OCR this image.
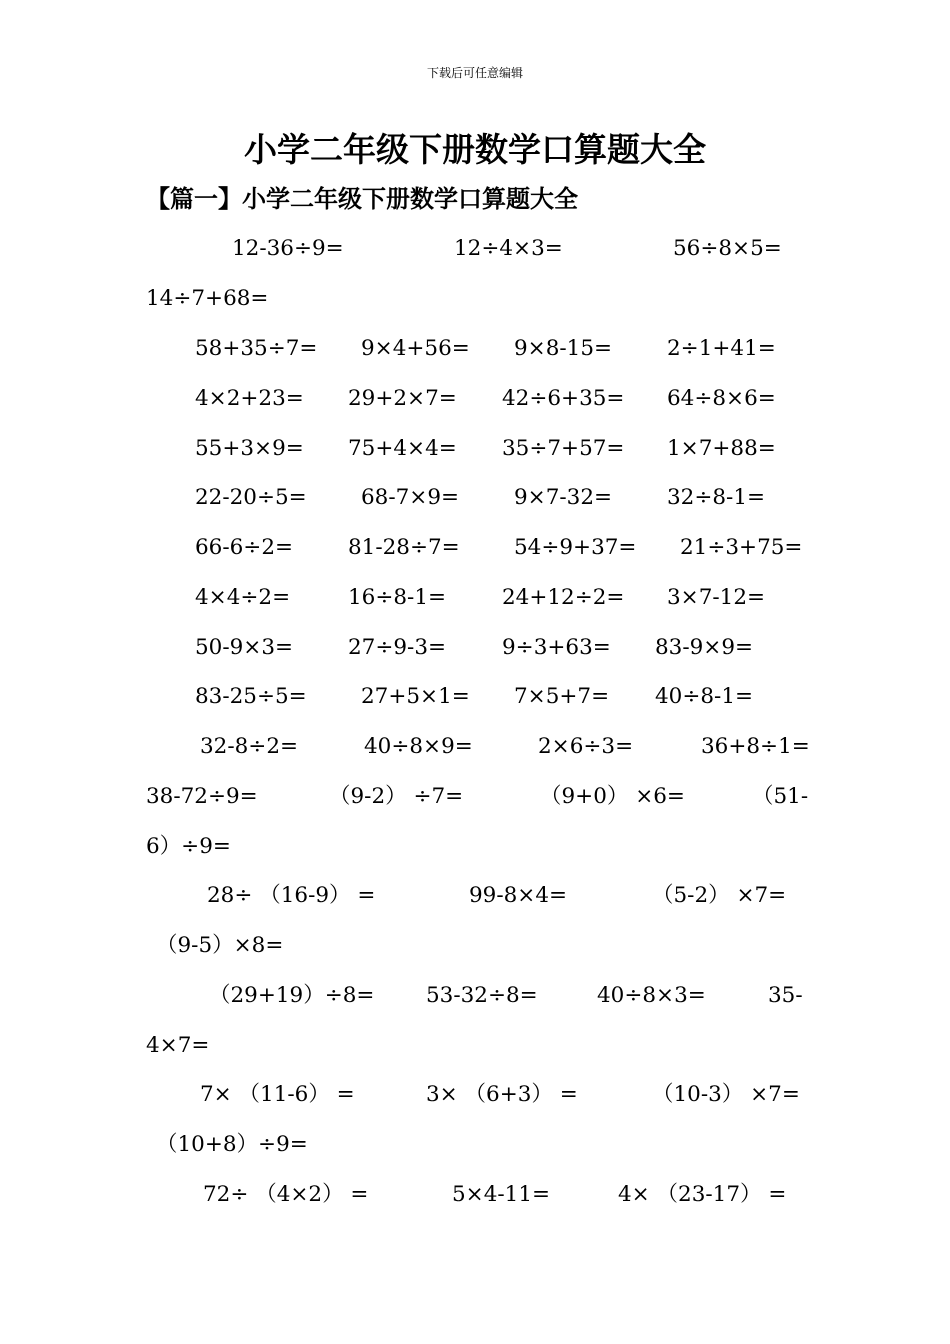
下载后可任意编辑
小学二年级下册数学口算题大全
【篇一】小学二年级下册数学口算题大全
12-36÷9=	12÷4×3=	56÷8×5=
14÷7+68=
58+35÷7= 9×4+56= 9×8-15=	2÷1+41=
4×2+23= 29+2×7= 42÷6+35= 64÷8×6=
55+3×9= 75+4×4= 35÷7+57= 1×7+88=
22-20÷5=	68-7×9=	9×7-32=	32÷8-1=
66-6÷2=	81-28÷7=	54÷9+37= 21÷3+75=
4×4÷2=	16÷8-1=	24+12÷2= 3×7-12=
50-9×3=	27÷9-3=	9÷3+63= 83-9×9=
83-25÷5=	27+5×1= 7×5+7= 40÷8-1=
32-8÷2=	40÷8×9=	2×6÷3=	36+8÷1=
38-72÷9=	（9-2） ÷7=	（9+0） ×6=	（51-
6）÷9=
28÷ （16-9） =	99-8×4=	（5-2） ×7=
（9-5）×8=
（29+19）÷8= 53-32÷8=	40÷8×3=	35-
4×7=
7× （11-6） =	3× （6+3） =	（10-3） ×7=
（10+8）÷9=
72÷ （4×2） =	5×4-11=	4× （23-17） =
